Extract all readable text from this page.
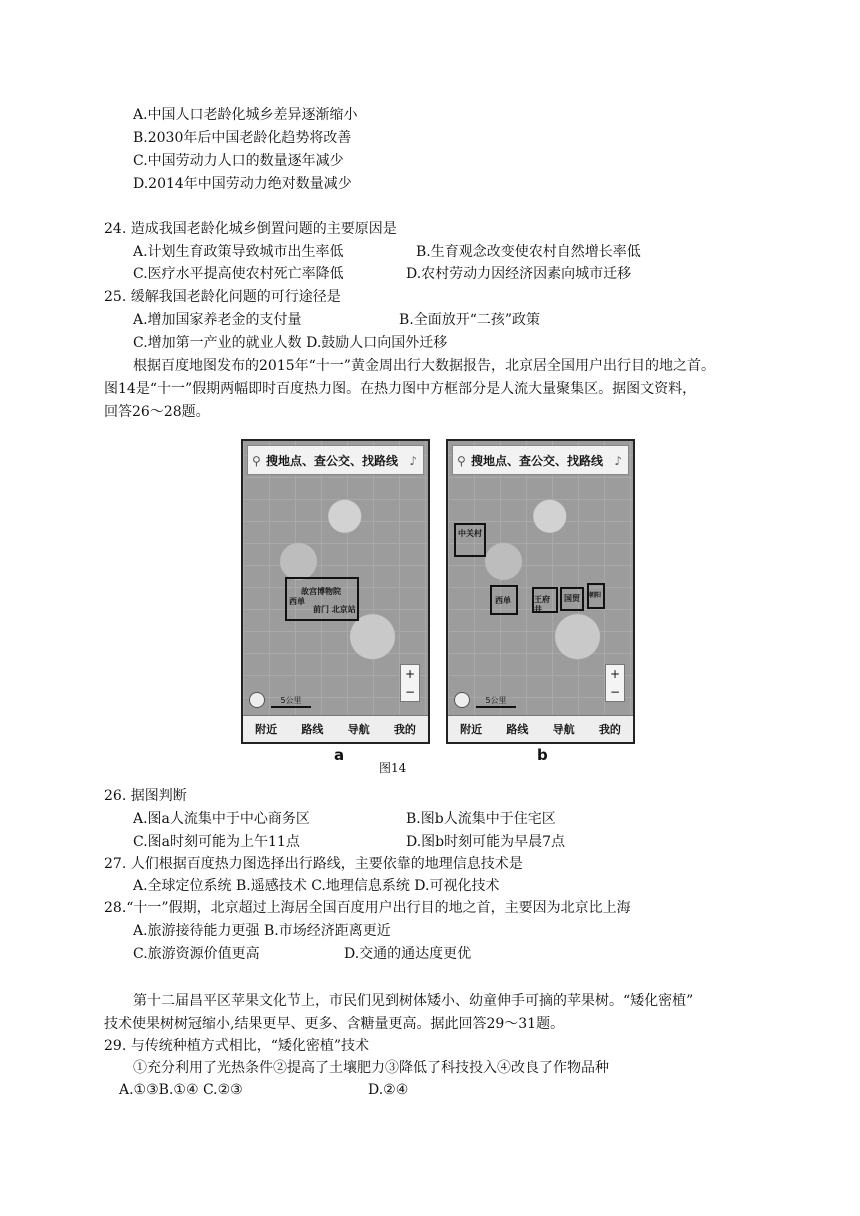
A.中国人口老龄化城乡差异逐渐缩小
B.2030年后中国老龄化趋势将改善
C.中国劳动力人口的数量逐年减少
D.2014年中国劳动力绝对数量减少
24. 造成我国老龄化城乡倒置问题的主要原因是
A.计划生育政策导致城市出生率低	B.生育观念改变使农村自然增长率低
C.医疗水平提高使农村死亡率降低	D.农村劳动力因经济因素向城市迁移
25. 缓解我国老龄化问题的可行途径是
A.增加国家养老金的支付量	B.全面放开“二孩”政策
C.增加第一产业的就业人数 D.鼓励人口向国外迁移
根据百度地图发布的2015年“十一”黄金周出行大数据报告，北京居全国用户出行目的地之首。
图14是“十一”假期两幅即时百度热力图。在热力图中方框部分是人流大量聚集区。据图文资料，
回答26～28题。
⚲ 搜地点、查公交、找路线 ♪
故宫博物院
西单
前门 北京站
5公里
+
−
附近 路线 导航 我的
a
⚲ 搜地点、查公交、找路线 ♪
中关村
西单	王府井
国贸 朝阳
5公里
+
−
附近 路线 导航 我的
b
图14
26. 据图判断
A.图a人流集中于中心商务区	B.图b人流集中于住宅区
C.图a时刻可能为上午11点	D.图b时刻可能为早晨7点
27. 人们根据百度热力图选择出行路线，主要依靠的地理信息技术是
A.全球定位系统 B.遥感技术 C.地理信息系统 D.可视化技术
28.“十一”假期，北京超过上海居全国百度用户出行目的地之首，主要因为北京比上海
A.旅游接待能力更强 B.市场经济距离更近
C.旅游资源价值更高	D.交通的通达度更优
第十二届昌平区苹果文化节上，市民们见到树体矮小、幼童伸手可摘的苹果树。“矮化密植”
技术使果树树冠缩小,结果更早、更多、含糖量更高。据此回答29～31题。
29. 与传统种植方式相比，“矮化密植”技术
①充分利用了光热条件②提高了土壤肥力③降低了科技投入④改良了作物品种
A.①③B.①④ C.②③	D.②④
